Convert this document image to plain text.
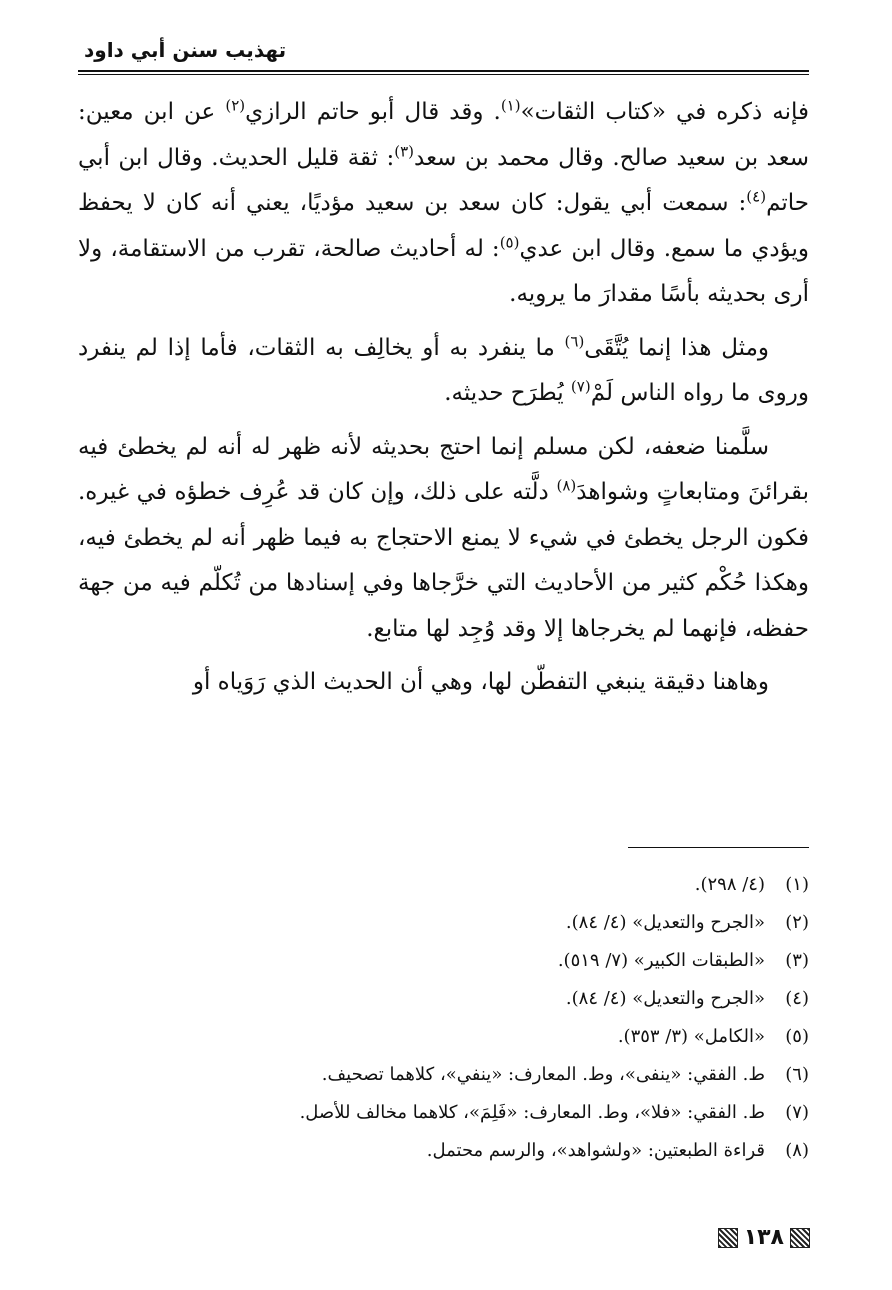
تهذيب سنن أبي داود

فإنه ذكره في «كتاب الثقات»$^{(١)}$. وقد قال أبو حاتم الرازي$^{(٢)}$ عن ابن معين: سعد بن سعيد صالح. وقال محمد بن سعد$^{(٣)}$: ثقة قليل الحديث. وقال ابن أبي حاتم$^{(٤)}$: سمعت أبي يقول: كان سعد بن سعيد مؤديًا، يعني أنه كان لا يحفظ ويؤدي ما سمع. وقال ابن عدي$^{(٥)}$: له أحاديث صالحة، تقرب من الاستقامة، ولا أرى بحديثه بأسًا مقدارَ ما يرويه.

ومثل هذا إنما يُتَّقَى$^{(٦)}$ ما ينفرد به أو يخالِف به الثقات، فأما إذا لم ينفرد وروى ما رواه الناس لَمْ$^{(٧)}$ يُطرَح حديثه.

سلَّمنا ضعفه، لكن مسلم إنما احتج بحديثه لأنه ظهر له أنه لم يخطئ فيه بقرائنَ ومتابعاتٍ وشواهدَ$^{(٨)}$ دلَّته على ذلك، وإن كان قد عُرِف خطؤه في غيره. فكون الرجل يخطئ في شيء لا يمنع الاحتجاج به فيما ظهر أنه لم يخطئ فيه، وهكذا حُكْم كثير من الأحاديث التي خرَّجاها وفي إسنادها من تُكلّم فيه من جهة حفظه، فإنهما لم يخرجاها إلا وقد وُجِد لها متابع.

وهاهنا دقيقة ينبغي التفطّن لها، وهي أن الحديث الذي رَوَياه أو

(١)(٤/ ٢٩٨).
(٢)«الجرح والتعديل» (٤/ ٨٤).
(٣)«الطبقات الكبير» (٧/ ٥١٩).
(٤)«الجرح والتعديل» (٤/ ٨٤).
(٥)«الكامل» (٣/ ٣٥٣).
(٦)ط. الفقي: «ينفى»، وط. المعارف: «ينفي»، كلاهما تصحيف.
(٧)ط. الفقي: «فلا»، وط. المعارف: «فَلِمَ»، كلاهما مخالف للأصل.
(٨)قراءة الطبعتين: «ولشواهد»، والرسم محتمل.
١٣٨
